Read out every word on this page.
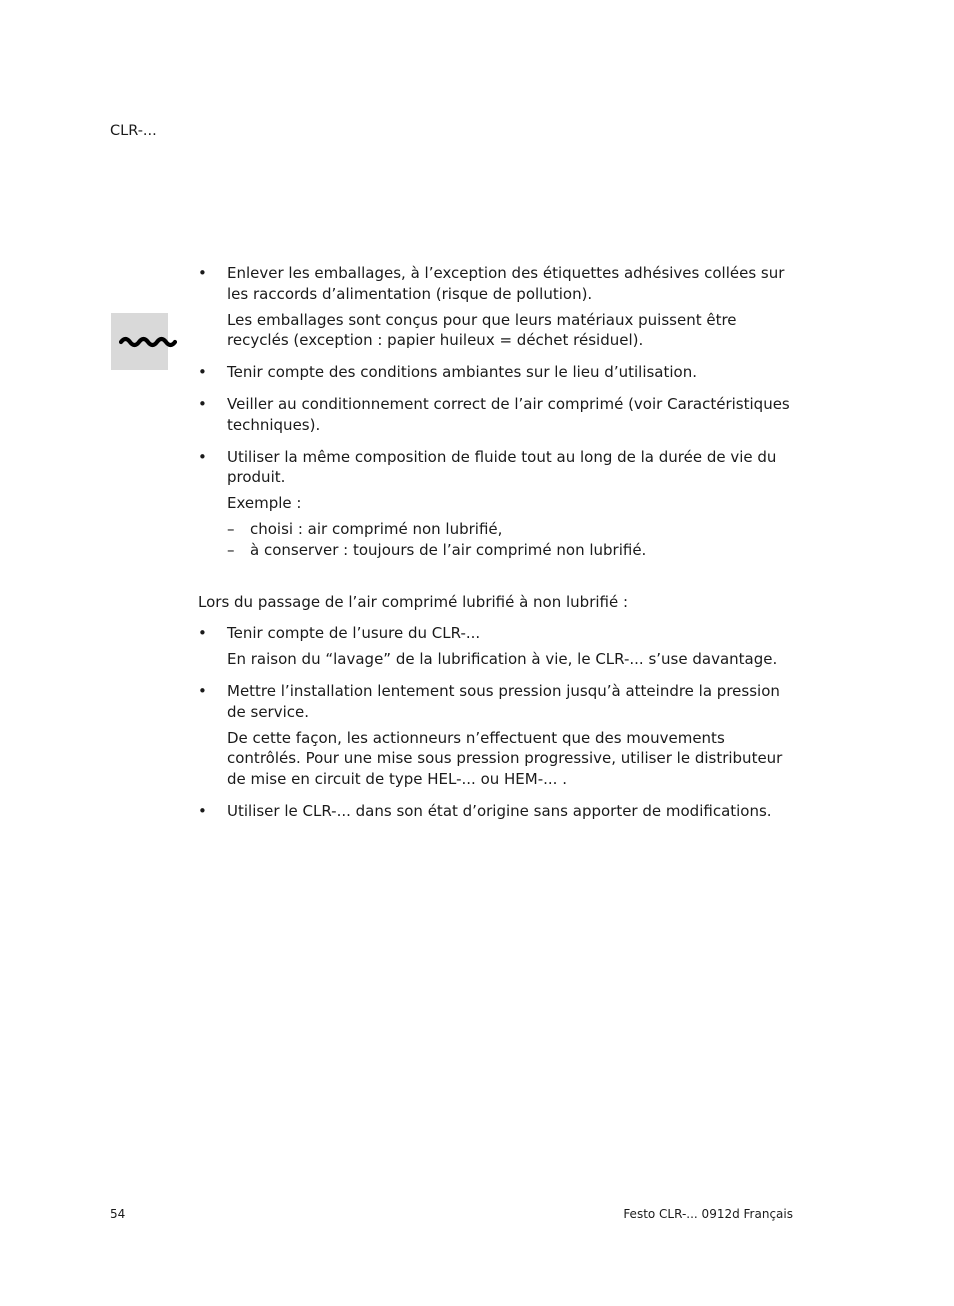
CLR-...
• Enlever les emballages, à l’exception des étiquettes adhésives collées sur les raccords d’alimentation (risque de pollution).
Les emballages sont conçus pour que leurs matériaux puissent être recyclés (exception : papier huileux = déchet résiduel).
• Tenir compte des conditions ambiantes sur le lieu d’utilisation.
• Veiller au conditionnement correct de l’air comprimé (voir Caractéristiques techniques).
• Utiliser la même composition de fluide tout au long de la durée de vie du produit.
Exemple :
– choisi : air comprimé non lubrifié,
– à conserver : toujours de l’air comprimé non lubrifié.
Lors du passage de l’air comprimé lubrifié à non lubrifié :
• Tenir compte de l’usure du CLR-...
En raison du “lavage” de la lubrification à vie, le CLR-... s’use davantage.
• Mettre l’installation lentement sous pression jusqu’à atteindre la pression de service.
De cette façon, les actionneurs n’effectuent que des mouvements contrôlés. Pour une mise sous pression progressive, utiliser le distributeur de mise en circuit de type HEL-... ou HEM-... .
• Utiliser le CLR-... dans son état d’origine sans apporter de modifications.
54	Festo CLR-... 0912d Français
